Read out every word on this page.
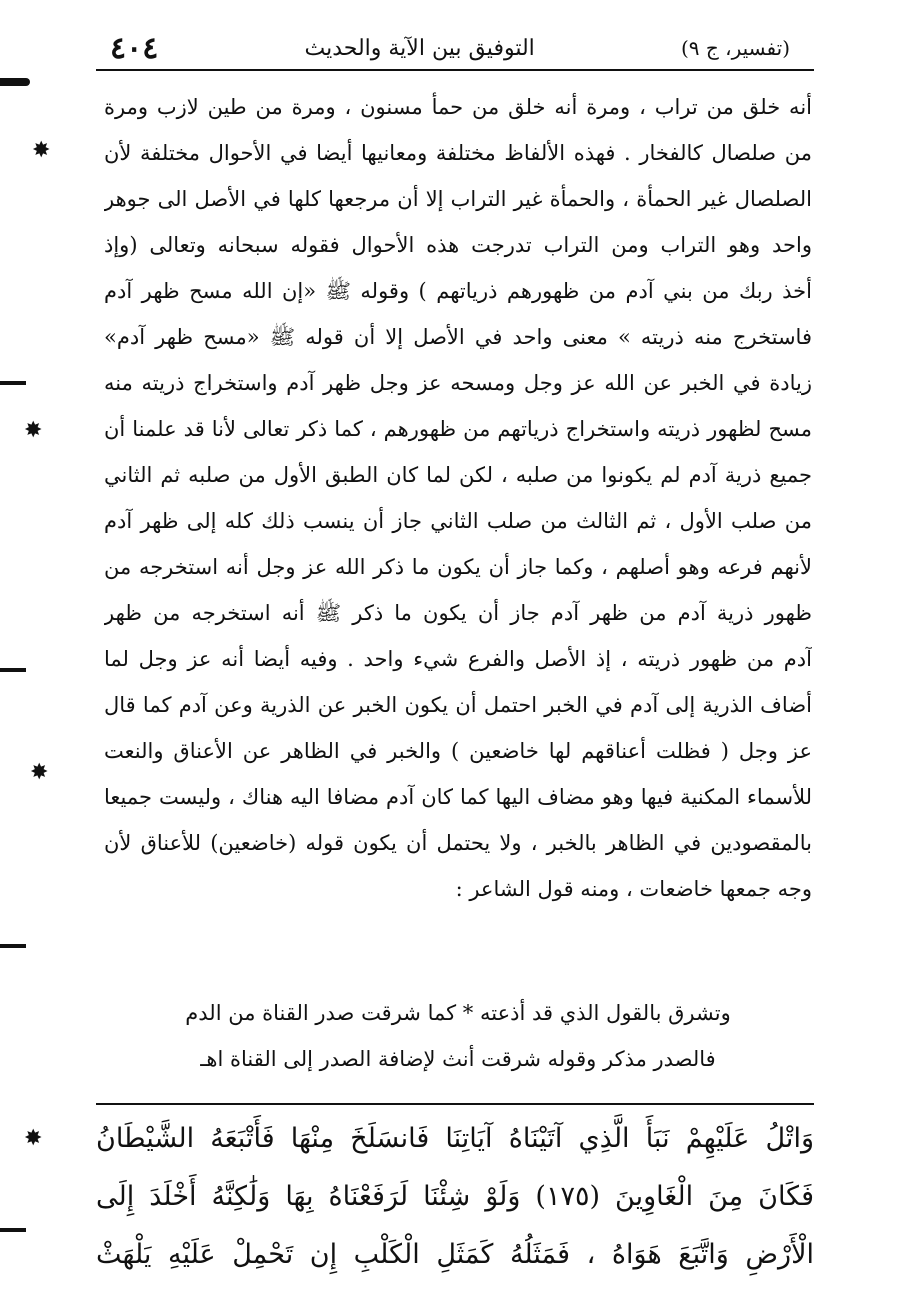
٤٠٤	التوفيق بين الآية والحديث	(تفسير، ج ٩)
أنه خلق من تراب ، ومرة أنه خلق من حمأ مسنون ، ومرة من طين لازب ومرة
من صلصال كالفخار . فهذه الألفاظ مختلفة ومعانيها أيضا في الأحوال مختلفة لأن
الصلصال غير الحمأة ، والحمأة غير التراب إلا أن مرجعها كلها في الأصل الى جوهر
واحد وهو التراب ومن التراب تدرجت هذه الأحوال فقوله سبحانه وتعالى (وإذ
أخذ ربك من بني آدم من ظهورهم ذرياتهم ) وقوله ﷺ «إن الله مسح ظهر آدم
فاستخرج منه ذريته » معنى واحد في الأصل إلا أن قوله ﷺ «مسح ظهر آدم»
زيادة في الخبر عن الله عز وجل ومسحه عز وجل ظهر آدم واستخراج ذريته منه
مسح لظهور ذريته واستخراج ذرياتهم من ظهورهم ، كما ذكر تعالى لأنا قد علمنا أن
جميع ذرية آدم لم يكونوا من صلبه ، لكن لما كان الطبق الأول من صلبه ثم الثاني
من صلب الأول ، ثم الثالث من صلب الثاني جاز أن ينسب ذلك كله إلى ظهر آدم
لأنهم فرعه وهو أصلهم ، وكما جاز أن يكون ما ذكر الله عز وجل أنه استخرجه من
ظهور ذرية آدم من ظهر آدم جاز أن يكون ما ذكر ﷺ أنه استخرجه من ظهر
آدم من ظهور ذريته ، إذ الأصل والفرع شيء واحد . وفيه أيضا أنه عز وجل لما
أضاف الذرية إلى آدم في الخبر احتمل أن يكون الخبر عن الذرية وعن آدم كما قال
عز وجل ( فظلت أعناقهم لها خاضعين ) والخبر في الظاهر عن الأعناق والنعت
للأسماء المكنية فيها وهو مضاف اليها كما كان آدم مضافا اليه هناك ، وليست جميعا
بالمقصودين في الظاهر بالخبر ، ولا يحتمل أن يكون قوله (خاضعين) للأعناق لأن
وجه جمعها خاضعات ، ومنه قول الشاعر :
وتشرق بالقول الذي قد أذعته * كما شرقت صدر القناة من الدم
فالصدر مذكر وقوله شرقت أنث لإضافة الصدر إلى القناة اهـ
وَاتْلُ عَلَيْهِمْ نَبَأَ الَّذِي آتَيْنَاهُ آيَاتِنَا فَانسَلَخَ مِنْهَا فَأَتْبَعَهُ الشَّيْطَانُ
فَكَانَ مِنَ الْغَاوِينَ (١٧٥) وَلَوْ شِئْنَا لَرَفَعْنَاهُ بِهَا وَلَٰكِنَّهُ أَخْلَدَ إِلَى
الْأَرْضِ وَاتَّبَعَ هَوَاهُ ، فَمَثَلُهُ كَمَثَلِ الْكَلْبِ إِن تَحْمِلْ عَلَيْهِ يَلْهَثْ
✸
✸
✸
✸
